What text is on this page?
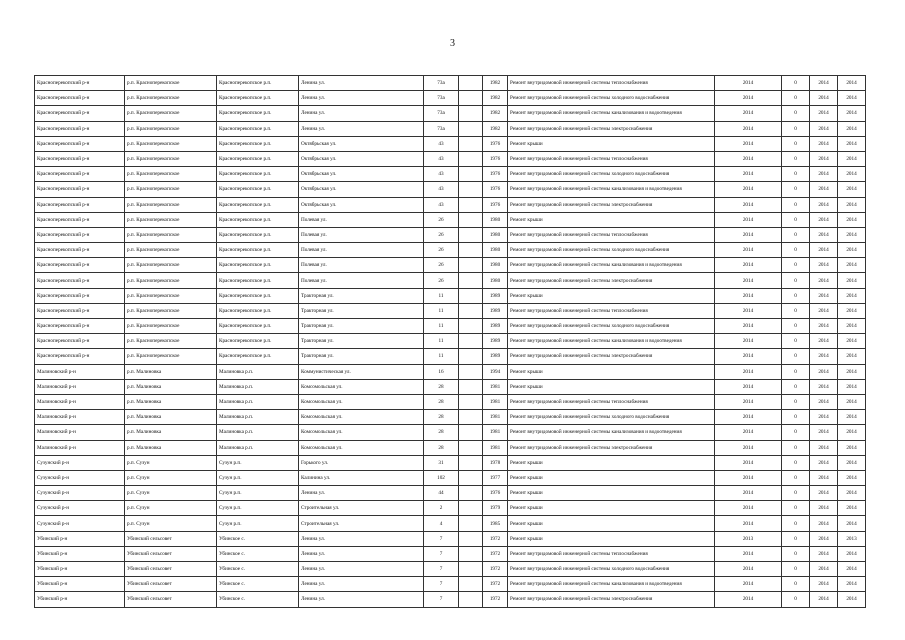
3
Красноперекопский р-н	р.п. Красноперекопское	Красноперекопское р.п.	Ленина ул.	73а		1982	Ремонт внутридомовой инженерной системы теплоснабжения	2014	0	2014	2014
Красноперекопский р-н	р.п. Красноперекопское	Красноперекопское р.п.	Ленина ул.	73а		1982	Ремонт внутридомовой инженерной системы холодного водоснабжения	2014	0	2014	2014
Красноперекопский р-н	р.п. Красноперекопское	Красноперекопское р.п.	Ленина ул.	73а		1982	Ремонт внутридомовой инженерной системы канализования и водоотведения	2014	0	2014	2014
Красноперекопский р-н	р.п. Красноперекопское	Красноперекопское р.п.	Ленина ул.	73а		1982	Ремонт внутридомовой инженерной системы электроснабжения	2014	0	2014	2014
Красноперекопский р-н	р.п. Красноперекопское	Красноперекопское р.п.	Октябрьская ул.	43		1976	Ремонт крыши	2014	0	2014	2014
Красноперекопский р-н	р.п. Красноперекопское	Красноперекопское р.п.	Октябрьская ул.	43		1976	Ремонт внутридомовой инженерной системы теплоснабжения	2014	0	2014	2014
Красноперекопский р-н	р.п. Красноперекопское	Красноперекопское р.п.	Октябрьская ул.	43		1976	Ремонт внутридомовой инженерной системы холодного водоснабжения	2014	0	2014	2014
Красноперекопский р-н	р.п. Красноперекопское	Красноперекопское р.п.	Октябрьская ул.	43		1976	Ремонт внутридомовой инженерной системы канализования и водоотведения	2014	0	2014	2014
Красноперекопский р-н	р.п. Красноперекопское	Красноперекопское р.п.	Октябрьская ул.	43		1976	Ремонт внутридомовой инженерной системы электроснабжения	2014	0	2014	2014
Красноперекопский р-н	р.п. Красноперекопское	Красноперекопское р.п.	Полевая ул.	26		1980	Ремонт крыши	2014	0	2014	2014
Красноперекопский р-н	р.п. Красноперекопское	Красноперекопское р.п.	Полевая ул.	26		1980	Ремонт внутридомовой инженерной системы теплоснабжения	2014	0	2014	2014
Красноперекопский р-н	р.п. Красноперекопское	Красноперекопское р.п.	Полевая ул.	26		1980	Ремонт внутридомовой инженерной системы холодного водоснабжения	2014	0	2014	2014
Красноперекопский р-н	р.п. Красноперекопское	Красноперекопское р.п.	Полевая ул.	26		1980	Ремонт внутридомовой инженерной системы канализования и водоотведения	2014	0	2014	2014
Красноперекопский р-н	р.п. Красноперекопское	Красноперекопское р.п.	Полевая ул.	26		1980	Ремонт внутридомовой инженерной системы электроснабжения	2014	0	2014	2014
Красноперекопский р-н	р.п. Красноперекопское	Красноперекопское р.п.	Тракторная ул.	11		1989	Ремонт крыши	2014	0	2014	2014
Красноперекопский р-н	р.п. Красноперекопское	Красноперекопское р.п.	Тракторная ул.	11		1989	Ремонт внутридомовой инженерной системы теплоснабжения	2014	0	2014	2014
Красноперекопский р-н	р.п. Красноперекопское	Красноперекопское р.п.	Тракторная ул.	11		1989	Ремонт внутридомовой инженерной системы холодного водоснабжения	2014	0	2014	2014
Красноперекопский р-н	р.п. Красноперекопское	Красноперекопское р.п.	Тракторная ул.	11		1989	Ремонт внутридомовой инженерной системы канализования и водоотведения	2014	0	2014	2014
Красноперекопский р-н	р.п. Красноперекопское	Красноперекопское р.п.	Тракторная ул.	11		1989	Ремонт внутридомовой инженерной системы электроснабжения	2014	0	2014	2014
Малиновский р-н	р.п. Малиновка	Малиновка р.п.	Коммунистическая ул.	16		1994	Ремонт крыши	2014	0	2014	2014
Малиновский р-н	р.п. Малиновка	Малиновка р.п.	Комсомольская ул.	28		1981	Ремонт крыши	2014	0	2014	2014
Малиновский р-н	р.п. Малиновка	Малиновка р.п.	Комсомольская ул.	28		1981	Ремонт внутридомовой инженерной системы теплоснабжения	2014	0	2014	2014
Малиновский р-н	р.п. Малиновка	Малиновка р.п.	Комсомольская ул.	28		1981	Ремонт внутридомовой инженерной системы холодного водоснабжения	2014	0	2014	2014
Малиновский р-н	р.п. Малиновка	Малиновка р.п.	Комсомольская ул.	28		1981	Ремонт внутридомовой инженерной системы канализования и водоотведения	2014	0	2014	2014
Малиновский р-н	р.п. Малиновка	Малиновка р.п.	Комсомольская ул.	28		1981	Ремонт внутридомовой инженерной системы электроснабжения	2014	0	2014	2014
Сузунский р-н	р.п. Сузун	Сузун р.п.	Горького ул.	31		1978	Ремонт крыши	2014	0	2014	2014
Сузунский р-н	р.п. Сузун	Сузун р.п.	Калинина ул.	102		1977	Ремонт крыши	2014	0	2014	2014
Сузунский р-н	р.п. Сузун	Сузун р.п.	Ленина ул.	44		1976	Ремонт крыши	2014	0	2014	2014
Сузунский р-н	р.п. Сузун	Сузун р.п.	Строительная ул.	2		1979	Ремонт крыши	2014	0	2014	2014
Сузунский р-н	р.п. Сузун	Сузун р.п.	Строительная ул.	4		1985	Ремонт крыши	2014	0	2014	2014
Убинский р-н	Убинский сельсовет	Убинское с.	Ленина ул.	7		1972	Ремонт крыши	2013	0	2014	2013
Убинский р-н	Убинский сельсовет	Убинское с.	Ленина ул.	7		1972	Ремонт внутридомовой инженерной системы теплоснабжения	2014	0	2014	2014
Убинский р-н	Убинский сельсовет	Убинское с.	Ленина ул.	7		1972	Ремонт внутридомовой инженерной системы холодного водоснабжения	2014	0	2014	2014
Убинский р-н	Убинский сельсовет	Убинское с.	Ленина ул.	7		1972	Ремонт внутридомовой инженерной системы канализования и водоотведения	2014	0	2014	2014
Убинский р-н	Убинский сельсовет	Убинское с.	Ленина ул.	7		1972	Ремонт внутридомовой инженерной системы электроснабжения	2014	0	2014	2014
